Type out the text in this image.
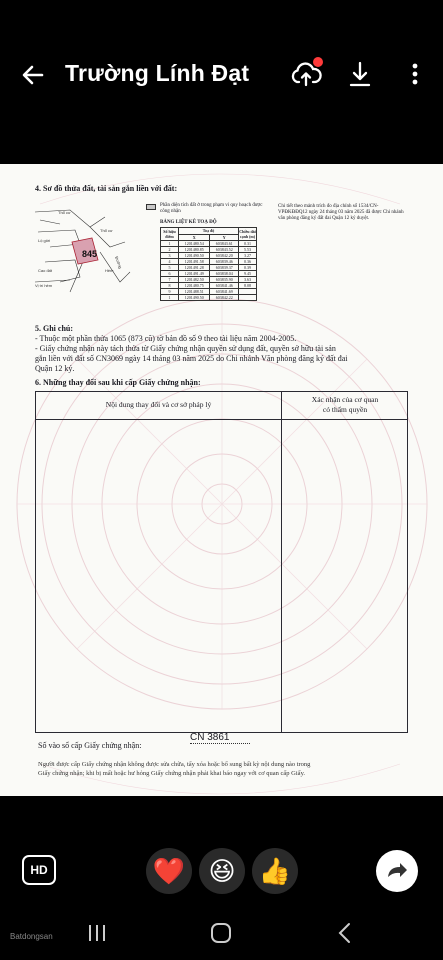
Trường Lính Đạt
4. Sơ đồ thửa đất, tài sản gắn liền với đất:
Thổ cư
Lộ giới
Thổ cư
Cao đất	Hẻm
Vị trí hẻm
Đường
845
Phần diện tích đất ở trong phạm vi quy hoạch được công nhận
BẢNG LIỆT KÊ TOẠ ĐỘ
Số hiệu điểm	Toạ độ		Chiều dài cạnh (m)
	X	Y	
1	1201480.54	603843.61	0.31
2	1201480.85	603843.52	5.53
3	1201490.50	603842.20	3.27
4	1201491.58	603839.46	0.36
5	1201491.28	603839.37	0.39
6	1201491.49	603838.04	9.45
7	1201482.50	603835.90	3.63
8	1201480.75	603841.46	8.08
9	1201488.51	603841.69	
1	1201490.50	603842.22	
Chi tiết theo mảnh trích đo địa chính số 1534/CN-VPĐKĐĐQ12 ngày 24 tháng 03 năm 2025 đã được Chi nhánh văn phòng đăng ký đất đai Quận 12 ký duyệt.
5. Ghi chú:
- Thuộc một phần thửa 1065 (873 cũ) tờ bản đồ số 9 theo tài liệu năm 2004-2005.
- Giấy chứng nhận này tách thửa từ Giấy chứng nhận quyền sử dụng đất, quyền sở hữu tài sản
gắn liền với đất số CN3069 ngày 14 tháng 03 năm 2025 do Chi nhánh Văn phòng đăng ký đất đai
Quận 12 ký.
6. Những thay đổi sau khi cấp Giấy chứng nhận:
Nội dung thay đổi và cơ sở pháp lý
Xác nhận của cơ quan
có thẩm quyền
Số vào sổ cấp Giấy chứng nhận:
CN 3861
Người được cấp Giấy chứng nhận không được sửa chữa, tẩy xóa hoặc bổ sung bất kỳ nội dung nào trong
Giấy chứng nhận; khi bị mất hoặc hư hỏng Giấy chứng nhận phải khai báo ngay với cơ quan cấp Giấy.
HD	❤️ 😆 👍
Batdongsan
